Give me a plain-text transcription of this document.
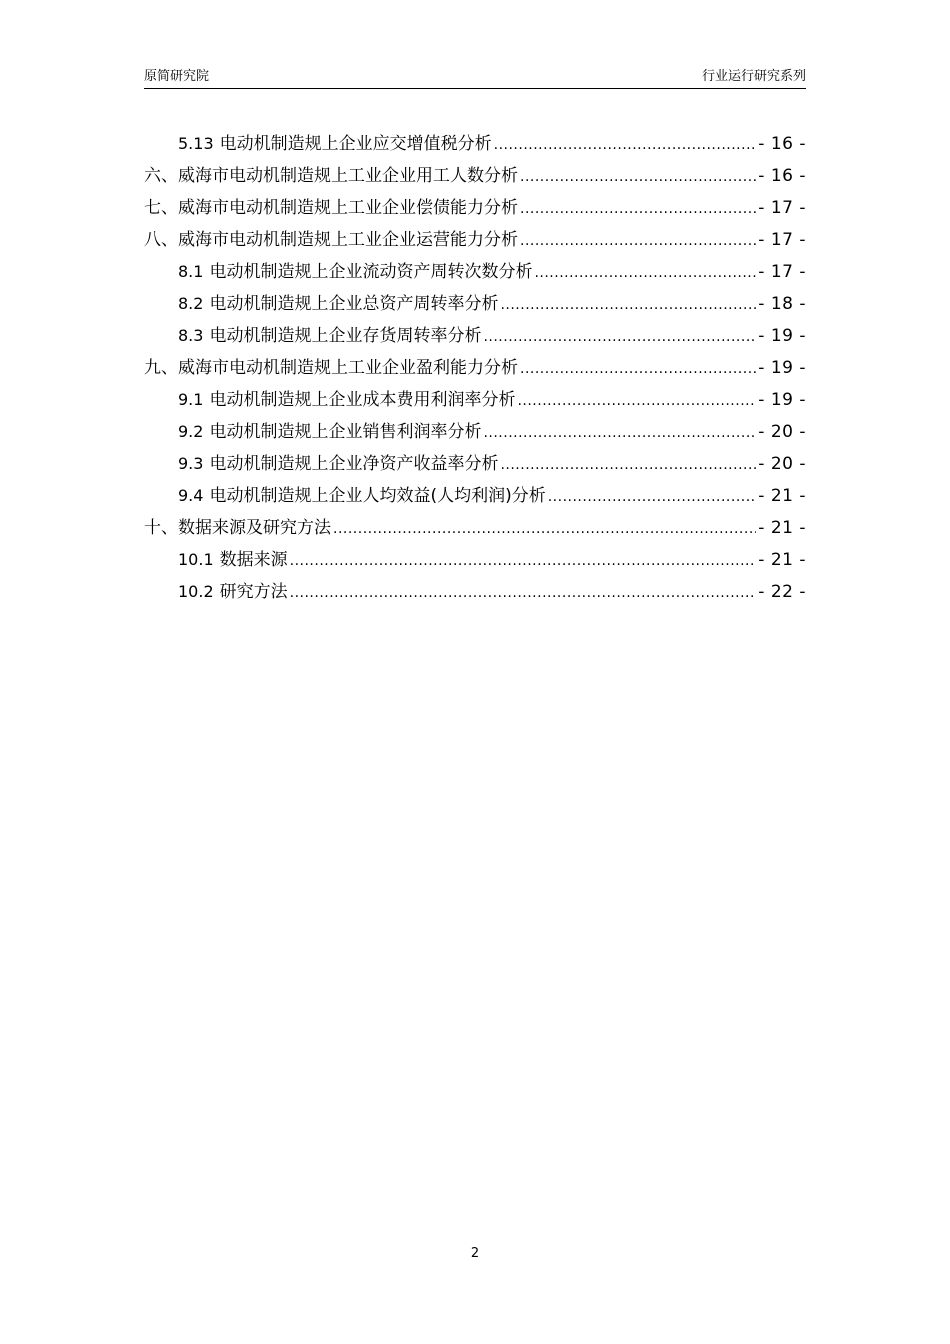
原简研究院	行业运行研究系列
5.13 电动机制造规上企业应交增值税分析 .....	- 16 -
六、威海市电动机制造规上工业企业用工人数分析 .....	- 16 -
七、威海市电动机制造规上工业企业偿债能力分析 .....	- 17 -
八、威海市电动机制造规上工业企业运营能力分析 .....	- 17 -
8.1 电动机制造规上企业流动资产周转次数分析 .....	- 17 -
8.2 电动机制造规上企业总资产周转率分析 .....	- 18 -
8.3 电动机制造规上企业存货周转率分析 .....	- 19 -
九、威海市电动机制造规上工业企业盈利能力分析 .....	- 19 -
9.1 电动机制造规上企业成本费用利润率分析 .....	- 19 -
9.2 电动机制造规上企业销售利润率分析 .....	- 20 -
9.3 电动机制造规上企业净资产收益率分析 .....	- 20 -
9.4 电动机制造规上企业人均效益(人均利润)分析 .....	- 21 -
十、数据来源及研究方法 .....	- 21 -
10.1 数据来源 .....	- 21 -
10.2 研究方法 .....	- 22 -
2
